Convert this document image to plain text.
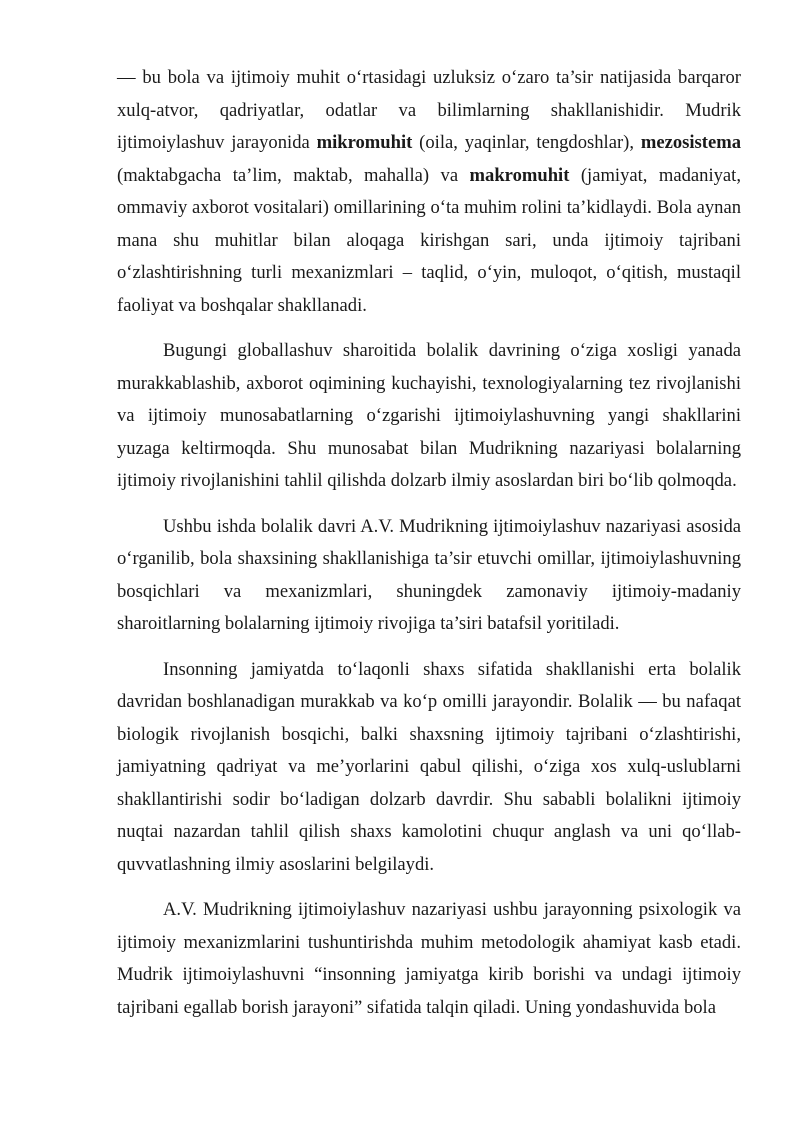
— bu bola va ijtimoiy muhit o‘rtasidagi uzluksiz o‘zaro ta’sir natijasida barqaror xulq-atvor, qadriyatlar, odatlar va bilimlarning shakllanishidir. Mudrik ijtimoiylashuv jarayonida mikromuhit (oila, yaqinlar, tengdoshlar), mezosistema (maktabgacha ta’lim, maktab, mahalla) va makromuhit (jamiyat, madaniyat, ommaviy axborot vositalari) omillarining o‘ta muhim rolini ta’kidlaydi. Bola aynan mana shu muhitlar bilan aloqaga kirishgan sari, unda ijtimoiy tajribani o‘zlashtirishning turli mexanizmlari – taqlid, o‘yin, muloqot, o‘qitish, mustaqil faoliyat va boshqalar shakllanadi.

Bugungi globallashuv sharoitida bolalik davrining o‘ziga xosligi yanada murakkablashib, axborot oqimining kuchayishi, texnologiyalarning tez rivojlanishi va ijtimoiy munosabatlarning o‘zgarishi ijtimoiylashuvning yangi shakllarini yuzaga keltirmoqda. Shu munosabat bilan Mudrikning nazariyasi bolalarning ijtimoiy rivojlanishini tahlil qilishda dolzarb ilmiy asoslardan biri bo‘lib qolmoqda.

Ushbu ishda bolalik davri A.V. Mudrikning ijtimoiylashuv nazariyasi asosida o‘rganilib, bola shaxsining shakllanishiga ta’sir etuvchi omillar, ijtimoiylashuvning bosqichlari va mexanizmlari, shuningdek zamonaviy ijtimoiy-madaniy sharoitlarning bolalarning ijtimoiy rivojiga ta’siri batafsil yoritiladi.

Insonning jamiyatda to‘laqonli shaxs sifatida shakllanishi erta bolalik davridan boshlanadigan murakkab va ko‘p omilli jarayondir. Bolalik — bu nafaqat biologik rivojlanish bosqichi, balki shaxsning ijtimoiy tajribani o‘zlashtirishi, jamiyatning qadriyat va me’yorlarini qabul qilishi, o‘ziga xos xulq-uslublarni shakllantirishi sodir bo‘ladigan dolzarb davrdir. Shu sababli bolalikni ijtimoiy nuqtai nazardan tahlil qilish shaxs kamolotini chuqur anglash va uni qo‘llab-quvvatlashning ilmiy asoslarini belgilaydi.

A.V. Mudrikning ijtimoiylashuv nazariyasi ushbu jarayonning psixologik va ijtimoiy mexanizmlarini tushuntirishda muhim metodologik ahamiyat kasb etadi. Mudrik ijtimoiylashuvni “insonning jamiyatga kirib borishi va undagi ijtimoiy tajribani egallab borish jarayoni” sifatida talqin qiladi. Uning yondashuvida bola
